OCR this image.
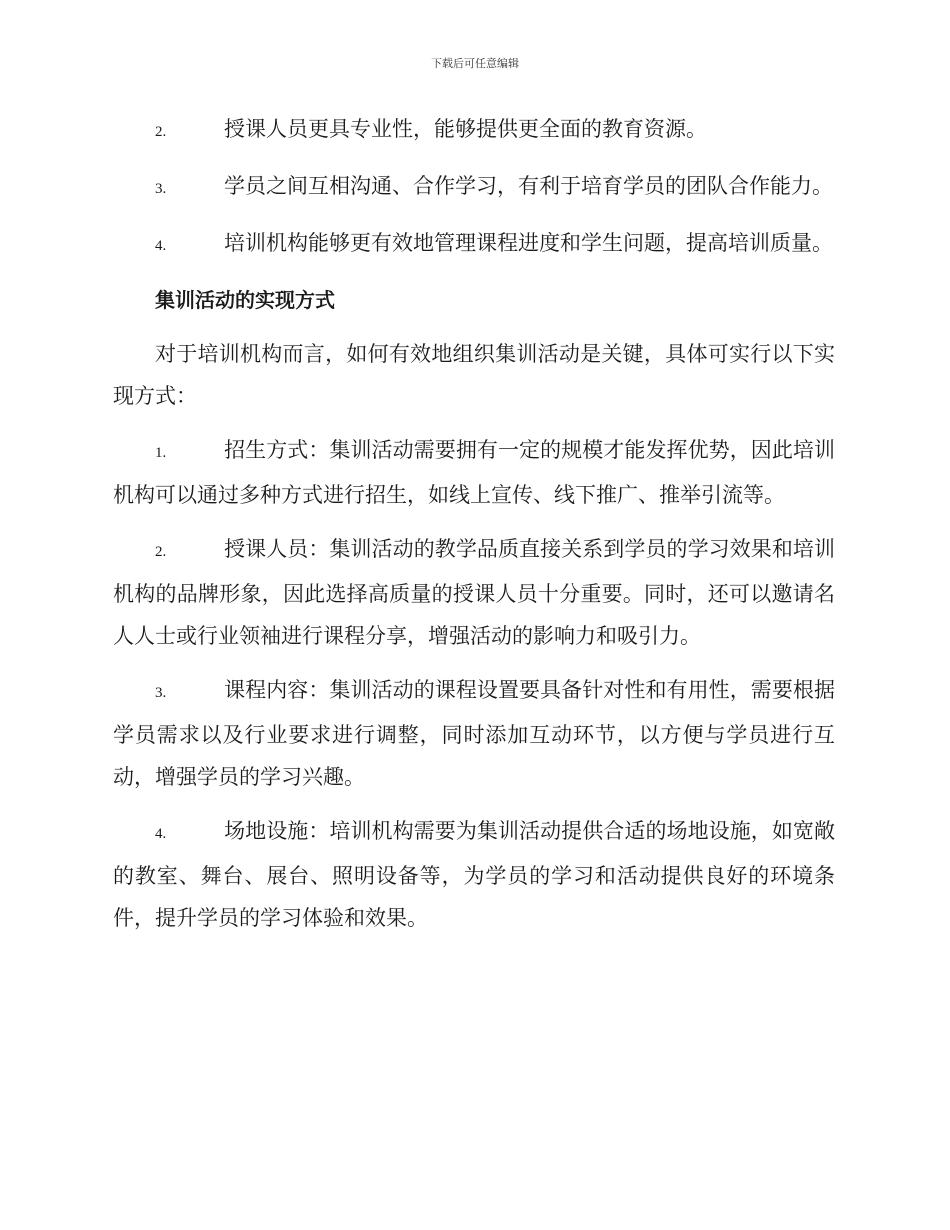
下载后可任意编辑

2.	授课人员更具专业性，能够提供更全面的教育资源。

3.	学员之间互相沟通、合作学习，有利于培育学员的团队合作能力。

4.	培训机构能够更有效地管理课程进度和学生问题，提高培训质量。

集训活动的实现方式

对于培训机构而言，如何有效地组织集训活动是关键，具体可实行以下实现方式：

1.	招生方式：集训活动需要拥有一定的规模才能发挥优势，因此培训机构可以通过多种方式进行招生，如线上宣传、线下推广、推举引流等。

2.	授课人员：集训活动的教学品质直接关系到学员的学习效果和培训机构的品牌形象，因此选择高质量的授课人员十分重要。同时，还可以邀请名人人士或行业领袖进行课程分享，增强活动的影响力和吸引力。

3.	课程内容：集训活动的课程设置要具备针对性和有用性，需要根据学员需求以及行业要求进行调整，同时添加互动环节，以方便与学员进行互动，增强学员的学习兴趣。

4.	场地设施：培训机构需要为集训活动提供合适的场地设施，如宽敞的教室、舞台、展台、照明设备等，为学员的学习和活动提供良好的环境条件，提升学员的学习体验和效果。
